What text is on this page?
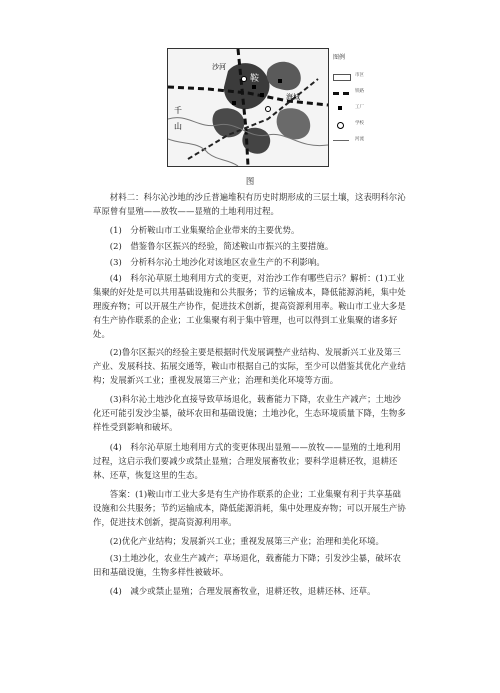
沙河
鞍
海城
千
山
图例
市区
铁路
工厂
学校
河流
图

材料二：科尔沁沙地的沙丘普遍堆积有历史时期形成的三层土壤，这表明科尔沁草原曾有显殖——放牧——显殖的土地利用过程。

(1)　分析鞍山市工业集聚给企业带来的主要优势。

(2)　借鉴鲁尔区振兴的经验，简述鞍山市振兴的主要措施。

(3)　分析科尔沁土地沙化对该地区农业生产的不利影响。

(4)　科尔沁草原土地利用方式的变更，对治沙工作有哪些启示？解析：(1)工业集聚的好处是可以共用基础设施和公共服务；节约运输成本，降低能源消耗，集中处理废弃物；可以开展生产协作，促进技术创新，提高资源利用率。鞍山市工业大多是有生产协作联系的企业；工业集聚有利于集中管理，也可以得到工业集聚的诸多好处。

(2)鲁尔区振兴的经验主要是根据时代发展调整产业结构、发展新兴工业及第三产业、发展科技、拓展交通等，鞍山市根据自己的实际，至少可以借鉴其优化产业结构；发展新兴工业；重视发展第三产业；治理和美化环境等方面。

(3)科尔沁土地沙化直接导致草场退化，载畜能力下降，农业生产减产；土地沙化还可能引发沙尘暴，破坏农田和基础设施；土地沙化，生态环境质量下降，生物多样性受到影响和破坏。

(4)　科尔沁草原土地利用方式的变更体现出显殖——放牧——显殖的土地利用过程，这启示我们要减少或禁止显殖；合理发展畜牧业；要科学退耕还牧，退耕还林、还草，恢复这里的生态。

答案：(1)鞍山市工业大多是有生产协作联系的企业；工业集聚有利于共享基础设施和公共服务；节约运输成本，降低能源消耗，集中处理废弃物；可以开展生产协作，促进技术创新，提高资源利用率。

(2)优化产业结构；发展新兴工业；重视发展第三产业；治理和美化环境。

(3)土地沙化，农业生产减产；草场退化，载畜能力下降；引发沙尘暴，破坏农田和基础设施，生物多样性被破坏。

(4)　减少或禁止显殖；合理发展畜牧业，退耕还牧，退耕还林、还草。
